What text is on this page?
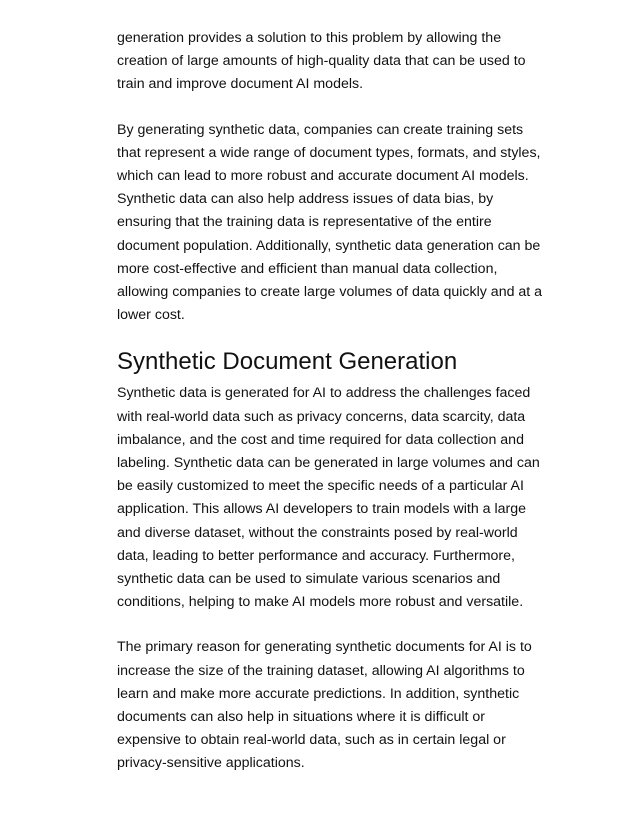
generation provides a solution to this problem by allowing the
creation of large amounts of high-quality data that can be used to
train and improve document AI models.

By generating synthetic data, companies can create training sets
that represent a wide range of document types, formats, and styles,
which can lead to more robust and accurate document AI models.
Synthetic data can also help address issues of data bias, by
ensuring that the training data is representative of the entire
document population. Additionally, synthetic data generation can be
more cost-effective and efficient than manual data collection,
allowing companies to create large volumes of data quickly and at a
lower cost.

Synthetic Document Generation

Synthetic data is generated for AI to address the challenges faced
with real-world data such as privacy concerns, data scarcity, data
imbalance, and the cost and time required for data collection and
labeling. Synthetic data can be generated in large volumes and can
be easily customized to meet the specific needs of a particular AI
application. This allows AI developers to train models with a large
and diverse dataset, without the constraints posed by real-world
data, leading to better performance and accuracy. Furthermore,
synthetic data can be used to simulate various scenarios and
conditions, helping to make AI models more robust and versatile.

The primary reason for generating synthetic documents for AI is to
increase the size of the training dataset, allowing AI algorithms to
learn and make more accurate predictions. In addition, synthetic
documents can also help in situations where it is difficult or
expensive to obtain real-world data, such as in certain legal or
privacy-sensitive applications.
